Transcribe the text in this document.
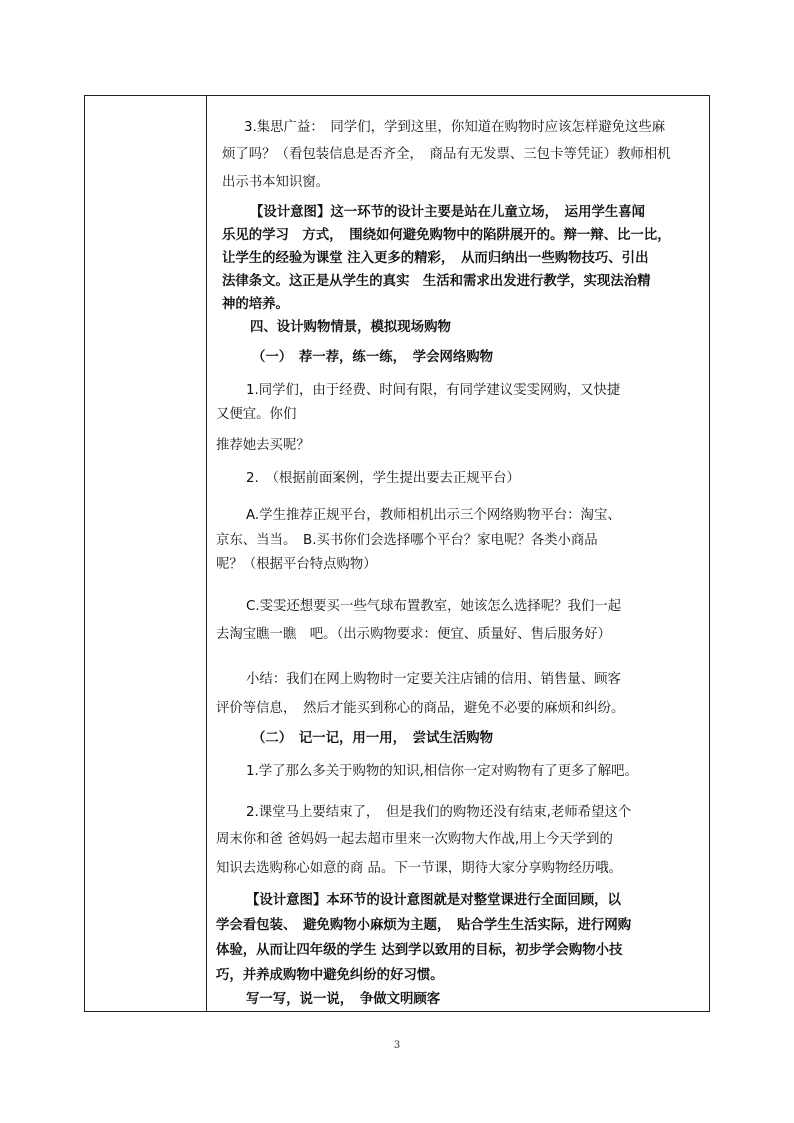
3.集思广益：　同学们，学到这里，你知道在购物时应该怎样避免这些麻
烦了吗？（看包装信息是否齐全，　商品有无发票、三包卡等凭证）教师相机
出示书本知识窗。
【设计意图】这一环节的设计主要是站在儿童立场，　运用学生喜闻
乐见的学习　方式，　围绕如何避免购物中的陷阱展开的。辩一辩、比一比，
让学生的经验为课堂 注入更多的精彩，　从而归纳出一些购物技巧、引出
法律条文。这正是从学生的真实　生活和需求出发进行教学，实现法治精
神的培养。
四、设计购物情景，模拟现场购物
（一）　荐一荐，练一练，　学会网络购物
1.同学们，由于经费、时间有限，有同学建议雯雯网购，又快捷
又便宜。你们
推荐她去买呢？
2.　（根据前面案例，学生提出要去正规平台）
A.学生推荐正规平台，教师相机出示三个网络购物平台：淘宝、
京东、当当。　B.买书你们会选择哪个平台？家电呢？各类小商品
呢？（根据平台特点购物）
C.雯雯还想要买一些气球布置教室，她该怎么选择呢？我们一起
去淘宝瞧一瞧　吧。（出示购物要求：便宜、质量好、售后服务好）
小结：我们在网上购物时一定要关注店铺的信用、销售量、顾客
评价等信息，　然后才能买到称心的商品，避免不必要的麻烦和纠纷。
（二）　记一记，用一用，　尝试生活购物
1.学了那么多关于购物的知识,相信你一定对购物有了更多了解吧。
2.课堂马上要结束了，　但是我们的购物还没有结束,老师希望这个
周末你和爸 爸妈妈一起去超市里来一次购物大作战,用上今天学到的
知识去选购称心如意的商 品。下一节课，期待大家分享购物经历哦。
【设计意图】本环节的设计意图就是对整堂课进行全面回顾，以
学会看包装、　避免购物小麻烦为主题，　贴合学生生活实际，进行网购
体验，从而让四年级的学生 达到学以致用的目标，初步学会购物小技
巧，并养成购物中避免纠纷的好习惯。
写一写，说一说，　争做文明顾客
3
